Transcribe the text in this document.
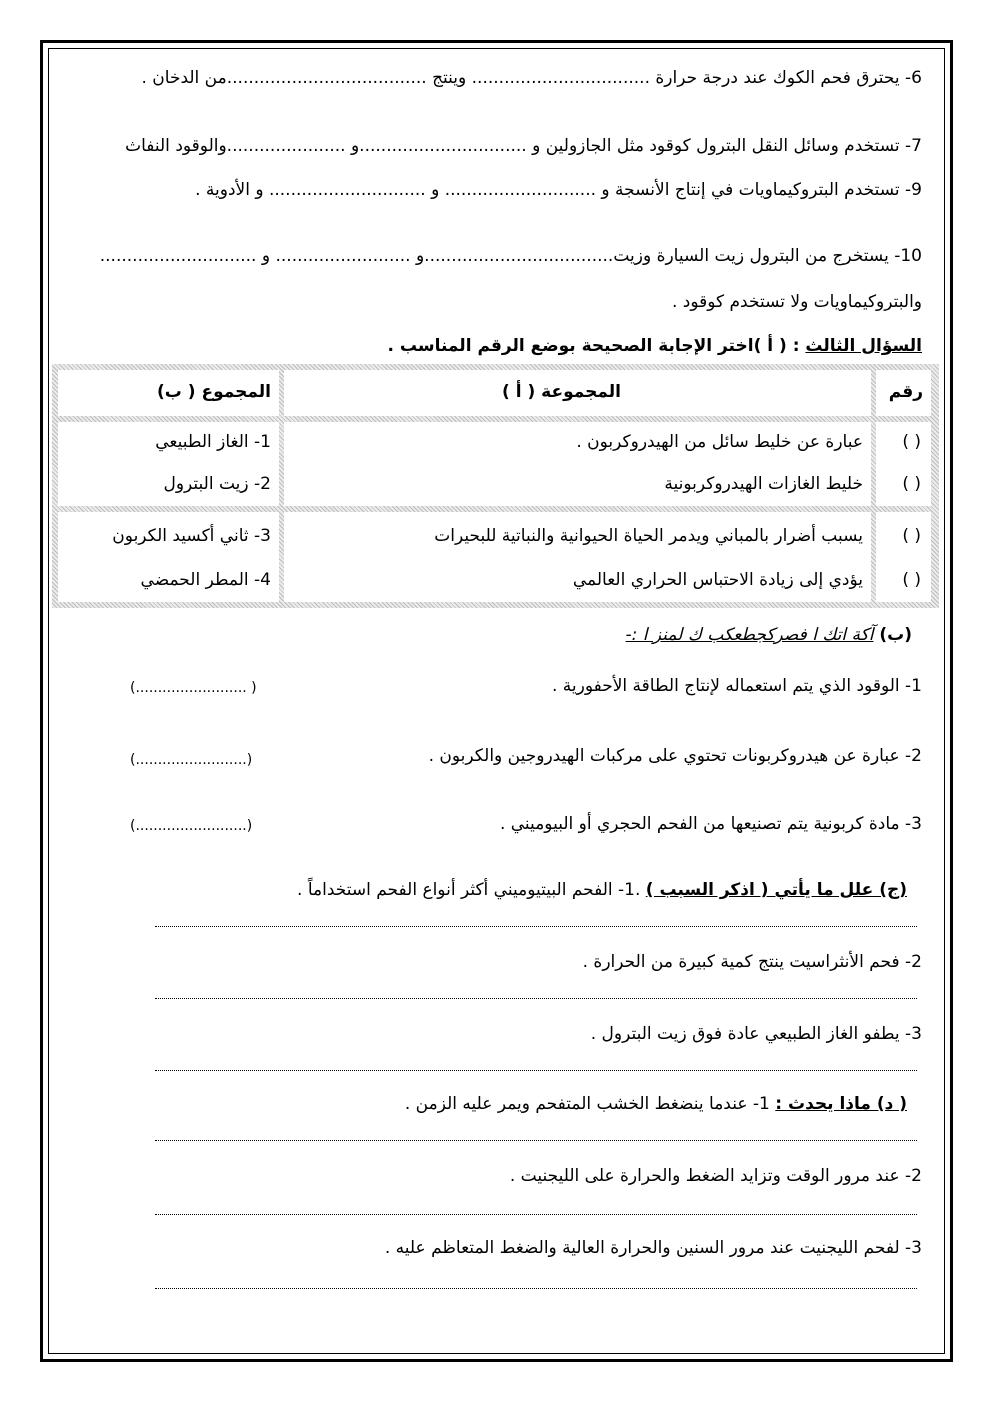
6- يحترق فحم الكوك عند درجة حرارة ................................. وينتج .....................................من الدخان .
7- تستخدم وسائل النقل البترول كوقود مثل الجازولين و ...............................و ......................والوقود النفاث
9- تستخدم البتروكيماويات في إنتاج الأنسجة و ............................ و ............................. و الأدوية .
10- يستخرج من البترول زيت السيارة وزيت...................................و ......................... و .............................
والبتروكيماويات ولا تستخدم كوقود .
السؤال الثالث : ( أ )اختر الإجابة الصحيحة بوضع الرقم المناسب .
المجموع ( ب)	المجموعة ( أ )	رقم
1- الغاز الطبيعي
2- زيت البترول
عبارة عن خليط سائل من الهيدروكربون .
خليط الغازات الهيدروكربونية
( )
( )
3- ثاني أكسيد الكربون
4- المطر الحمضي
يسبب أضرار بالمباني ويدمر الحياة الحيوانية والنباتية للبحيرات
يؤدي إلى زيادة الاحتباس الحراري العالمي
( )
( )
(ب) آكة اتك ا فصركجطعكب ك لمنز ا :-
1- الوقود الذي يتم استعماله لإنتاج الطاقة الأحفورية .
(......................... )
2- عبارة عن هيدروكربونات تحتوي على مركبات الهيدروجين والكربون .
(.........................)
3- مادة كربونية يتم تصنيعها من الفحم الحجري أو البيوميني .
(.........................)
(ج) علل ما يأتي ( اذكر السبب ) .1- الفحم البيتيوميني أكثر أنواع الفحم استخداماً .
2- فحم الأنثراسيت ينتج كمية كبيرة من الحرارة .
3- يطفو الغاز الطبيعي عادة فوق زيت البترول .
( د) ماذا يحدث : 1- عندما ينضغط الخشب المتفحم ويمر عليه الزمن .
2- عند مرور الوقت وتزايد الضغط والحرارة على الليجنيت .
3- لفحم الليجنيت عند مرور السنين والحرارة العالية والضغط المتعاظم عليه .
